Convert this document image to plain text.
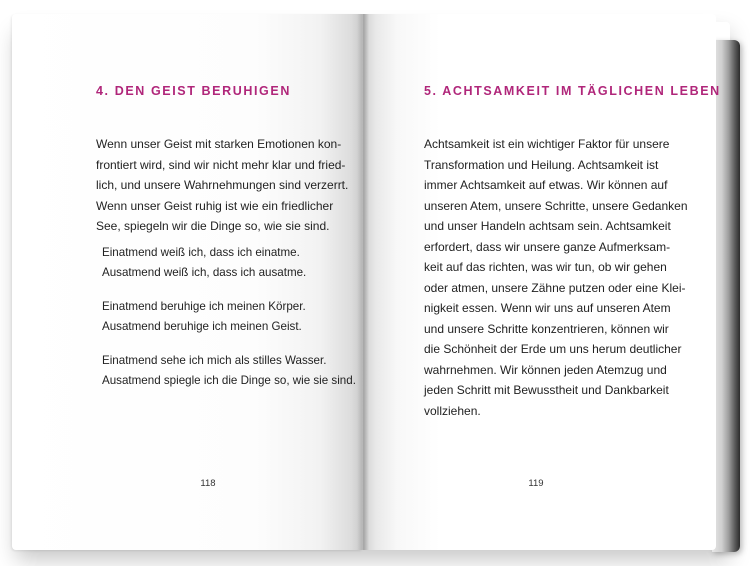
4. DEN GEIST BERUHIGEN
Wenn unser Geist mit starken Emotionen kon-
frontiert wird, sind wir nicht mehr klar und fried-
lich, und unsere Wahrnehmungen sind verzerrt.
Wenn unser Geist ruhig ist wie ein friedlicher
See, spiegeln wir die Dinge so, wie sie sind.
Einatmend weiß ich, dass ich einatme.
Ausatmend weiß ich, dass ich ausatme.
Einatmend beruhige ich meinen Körper.
Ausatmend beruhige ich meinen Geist.
Einatmend sehe ich mich als stilles Wasser.
Ausatmend spiegle ich die Dinge so, wie sie sind.
118
5. ACHTSAMKEIT IM TÄGLICHEN LEBEN
Achtsamkeit ist ein wichtiger Faktor für unsere
Transformation und Heilung. Achtsamkeit ist
immer Achtsamkeit auf etwas. Wir können auf
unseren Atem, unsere Schritte, unsere Gedanken
und unser Handeln achtsam sein. Achtsamkeit
erfordert, dass wir unsere ganze Aufmerksam-
keit auf das richten, was wir tun, ob wir gehen
oder atmen, unsere Zähne putzen oder eine Klei-
nigkeit essen. Wenn wir uns auf unseren Atem
und unsere Schritte konzentrieren, können wir
die Schönheit der Erde um uns herum deutlicher
wahrnehmen. Wir können jeden Atemzug und
jeden Schritt mit Bewusstheit und Dankbarkeit
vollziehen.
119
